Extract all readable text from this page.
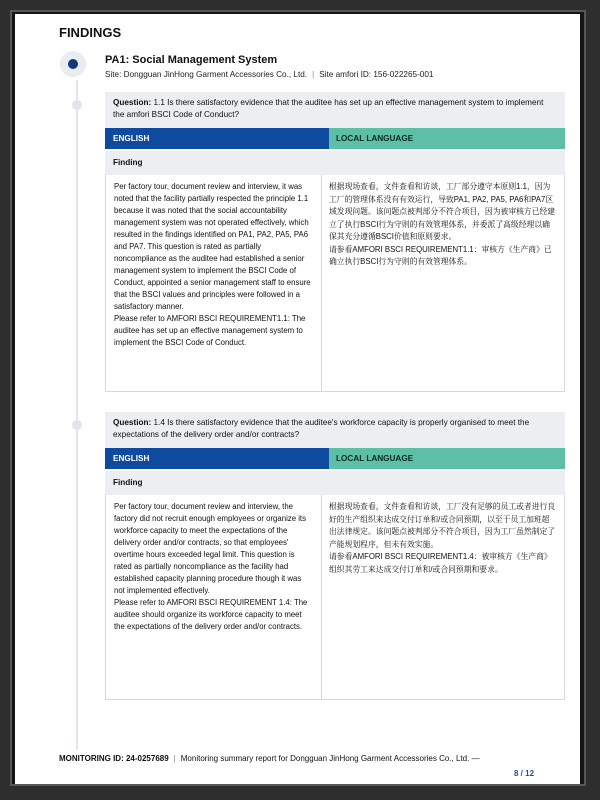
FINDINGS
PA1: Social Management System
Site: Dongguan JinHong Garment Accessories Co., Ltd. | Site amfori ID: 156-022265-001
Question: 1.1 Is there satisfactory evidence that the auditee has set up an effective management system to implement the amfori BSCI Code of Conduct?
ENGLISH	LOCAL LANGUAGE
Finding

Per factory tour, document review and interview, it was noted that the facility partially respected the principle 1.1 because it was noted that the social accountability management system was not operated effectively, which resulted in the findings identified on PA1, PA2, PA5, PA6 and PA7. This question is rated as partially noncompliance as the auditee had established a senior management system to implement the BSCI Code of Conduct, appointed a senior management staff to ensure that the BSCI values and principles were followed in a satisfactory manner.

Please refer to AMFORI BSCI REQUIREMENT1.1: The auditee has set up an effective management system to implement the BSCI Code of Conduct.

根据现场查看，文件查看和访谈，工厂部分遵守本原则1.1，因为工厂的管理体系没有有效运行，导致PA1, PA2, PA5, PA6和PA7区域发现问题。该问题点被判部分不符合项目，因为被审核方已经建立了执行BSCI行为守则的有效管理体系，并委派了高级经理以确保其充分遵循BSCI价值和原则要求。

请参看AMFORI BSCI REQUIREMENT1.1：审核方《生产商》已确立执行BSCI行为守则的有效管理体系。

Question: 1.4 Is there satisfactory evidence that the auditee's workforce capacity is properly organised to meet the expectations of the delivery order and/or contracts?
ENGLISH	LOCAL LANGUAGE
Finding

Per factory tour, document review and interview, the factory did not recruit enough employees or organize its workforce capacity to meet the expectations of the delivery order and/or contracts, so that employees' overtime hours exceeded legal limit. This question is rated as partially noncompliance as the facility had established capacity planning procedure though it was not implemented effectively.

Please refer to AMFORI BSCI REQUIREMENT 1.4: The auditee should organize its workforce capacity to meet the expectations of the delivery order and/or contracts.

根据现场查看，文件查看和访谈，工厂没有足够的员工或者进行良好的生产组织来达成交付订单和/或合同预期，以至于员工加班超出法律规定。该问题点被判部分不符合项目，因为工厂虽然制定了产能规划程序，但未有效实施。

请参看AMFORI BSCI REQUIREMENT1.4：被审核方《生产商》组织其劳工来达成交付订单和/或合同预期和要求。

MONITORING ID: 24-0257689 | Monitoring summary report for Dongguan JinHong Garment Accessories Co., Ltd. —
8 / 12
